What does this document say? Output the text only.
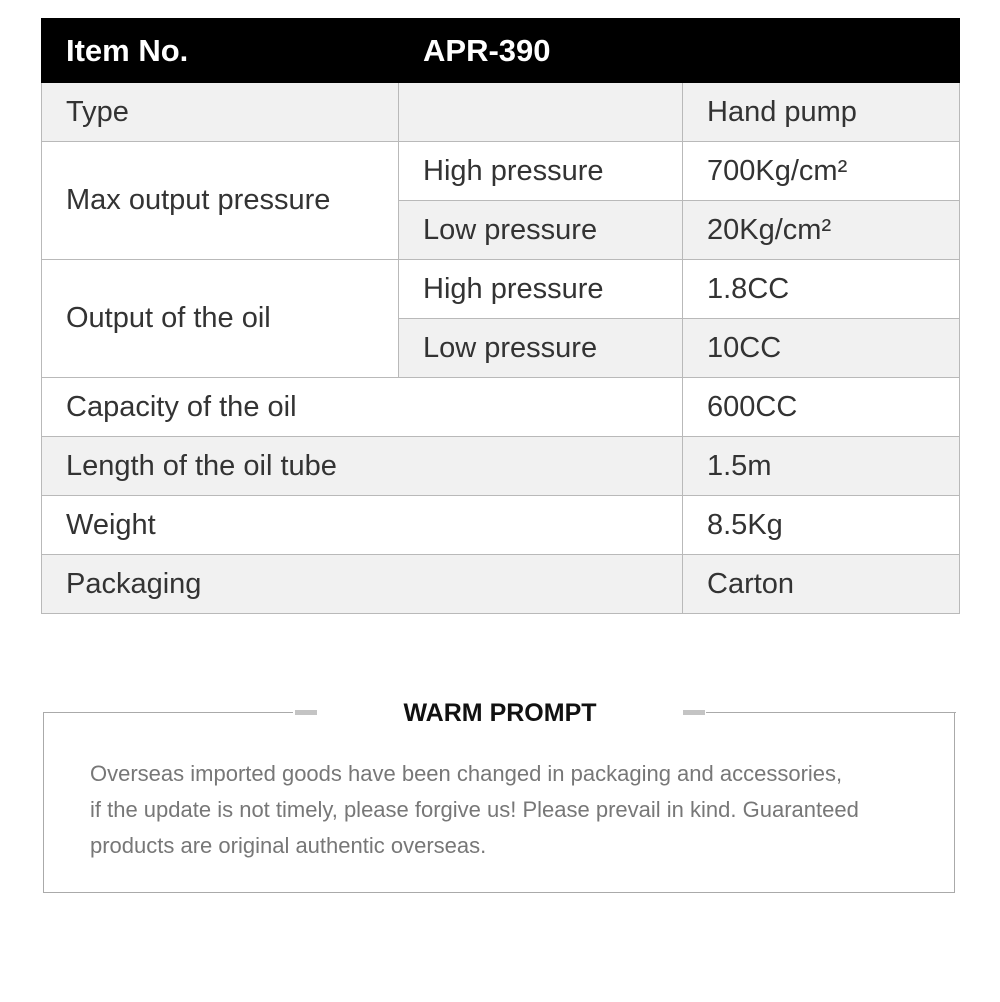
Item No.	APR-390	
Type		Hand pump
Max output pressure	High pressure	700Kg/cm²
	Low pressure	20Kg/cm²
Output of the oil	High pressure	1.8CC
	Low pressure	10CC
Capacity of the oil		600CC
Length of the oil tube		1.5m
Weight		8.5Kg
Packaging		Carton
WARM PROMPT
Overseas imported goods have been changed in packaging and accessories,
if the update is not timely, please forgive us! Please prevail in kind. Guaranteed
products are original authentic overseas.
